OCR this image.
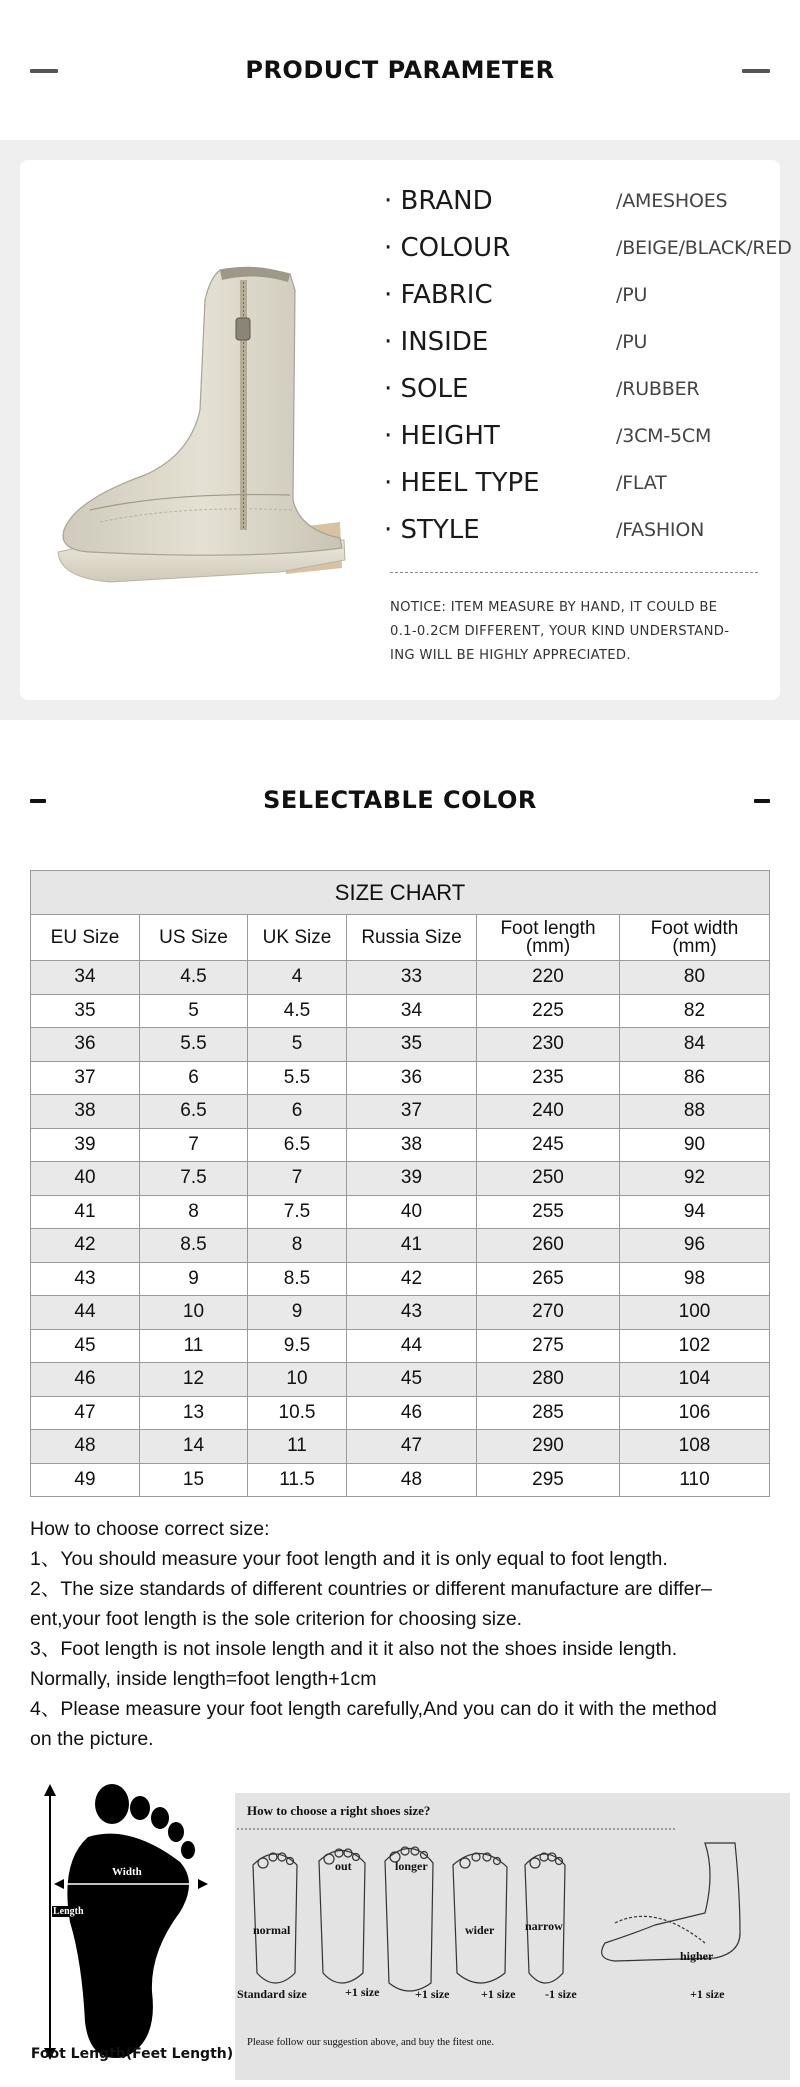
PRODUCT PARAMETER
· BRAND	/AMESHOES
· COLOUR	/BEIGE/BLACK/RED
· FABRIC	/PU
· INSIDE	/PU
· SOLE	/RUBBER
· HEIGHT	/3CM-5CM
· HEEL TYPE	/FLAT
· STYLE	/FASHION
NOTICE: ITEM MEASURE BY HAND, IT COULD BE
0.1-0.2CM DIFFERENT, YOUR KIND UNDERSTAND-
ING WILL BE HIGHLY APPRECIATED.
SELECTABLE COLOR
SIZE CHART					
EU Size	US Size	UK Size	Russia Size	Foot length
(mm)	Foot width
(mm)
34	4.5	4	33	220	80
35	5	4.5	34	225	82
36	5.5	5	35	230	84
37	6	5.5	36	235	86
38	6.5	6	37	240	88
39	7	6.5	38	245	90
40	7.5	7	39	250	92
41	8	7.5	40	255	94
42	8.5	8	41	260	96
43	9	8.5	42	265	98
44	10	9	43	270	100
45	11	9.5	44	275	102
46	12	10	45	280	104
47	13	10.5	46	285	106
48	14	11	47	290	108
49	15	11.5	48	295	110
How to choose correct size:
1、You should measure your foot length and it is only equal to foot length.
2、The size standards of different countries or different manufacture are differ–
ent,your foot length is the sole criterion for choosing size.
3、Foot length is not insole length and it it also not the shoes inside length.
Normally, inside length=foot length+1cm
4、Please measure your foot length carefully,And you can do it with the method
on the picture.
Width
Length
Foot Length(Feet Length)
How to choose a right shoes size?
normal
out	longer
wider	narrow
higher
Standard size	+1 size	+1 size	+1 size -1 size	+1 size
Please follow our suggestion above, and buy the fitest one.
